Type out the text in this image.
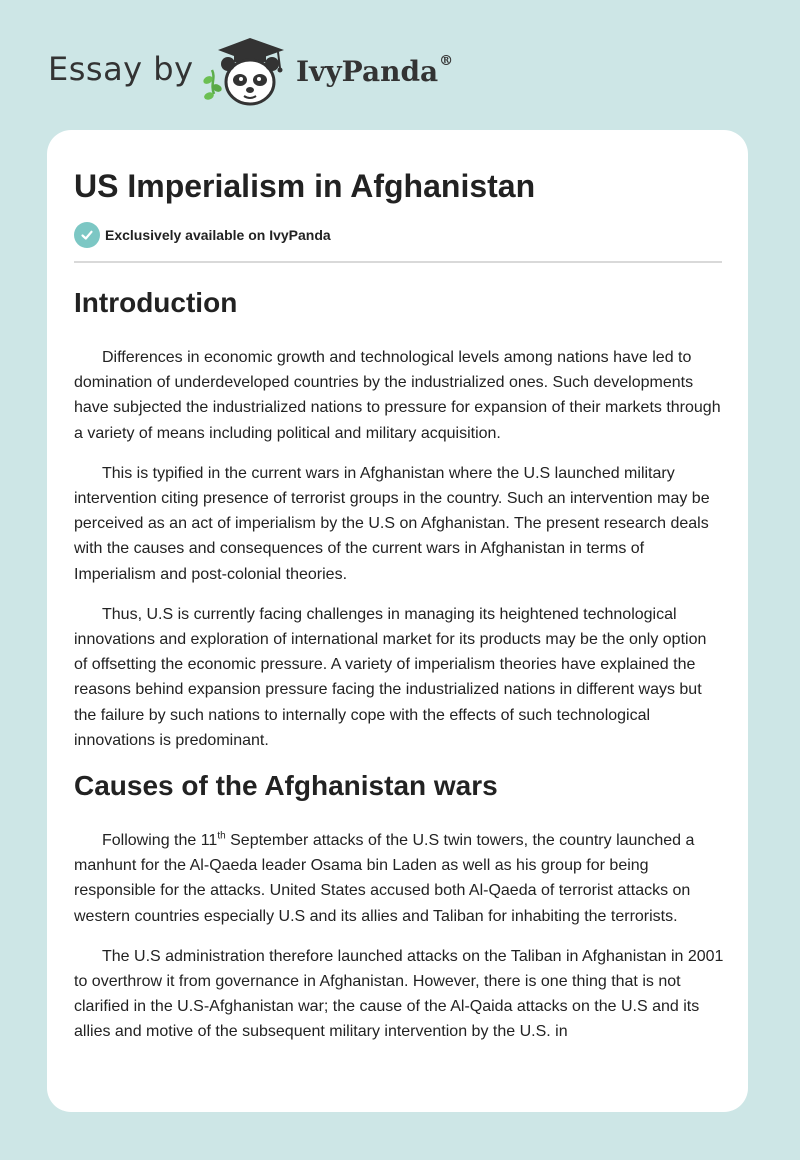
Essay by	IvyPanda®
US Imperialism in Afghanistan
Exclusively available on IvyPanda
Introduction

Differences in economic growth and technological levels among nations have led to domination of underdeveloped countries by the industrialized ones. Such developments have subjected the industrialized nations to pressure for expansion of their markets through a variety of means including political and military acquisition.

This is typified in the current wars in Afghanistan where the U.S launched military intervention citing presence of terrorist groups in the country. Such an intervention may be perceived as an act of imperialism by the U.S on Afghanistan. The present research deals with the causes and consequences of the current wars in Afghanistan in terms of Imperialism and post-colonial theories.

Thus, U.S is currently facing challenges in managing its heightened technological innovations and exploration of international market for its products may be the only option of offsetting the economic pressure. A variety of imperialism theories have explained the reasons behind expansion pressure facing the industrialized nations in different ways but the failure by such nations to internally cope with the effects of such technological innovations is predominant.

Causes of the Afghanistan wars

Following the 11th September attacks of the U.S twin towers, the country launched a manhunt for the Al-Qaeda leader Osama bin Laden as well as his group for being responsible for the attacks. United States accused both Al-Qaeda of terrorist attacks on western countries especially U.S and its allies and Taliban for inhabiting the terrorists.

The U.S administration therefore launched attacks on the Taliban in Afghanistan in 2001 to overthrow it from governance in Afghanistan. However, there is one thing that is not clarified in the U.S-Afghanistan war; the cause of the Al-Qaida attacks on the U.S and its allies and motive of the subsequent military intervention by the U.S. in
